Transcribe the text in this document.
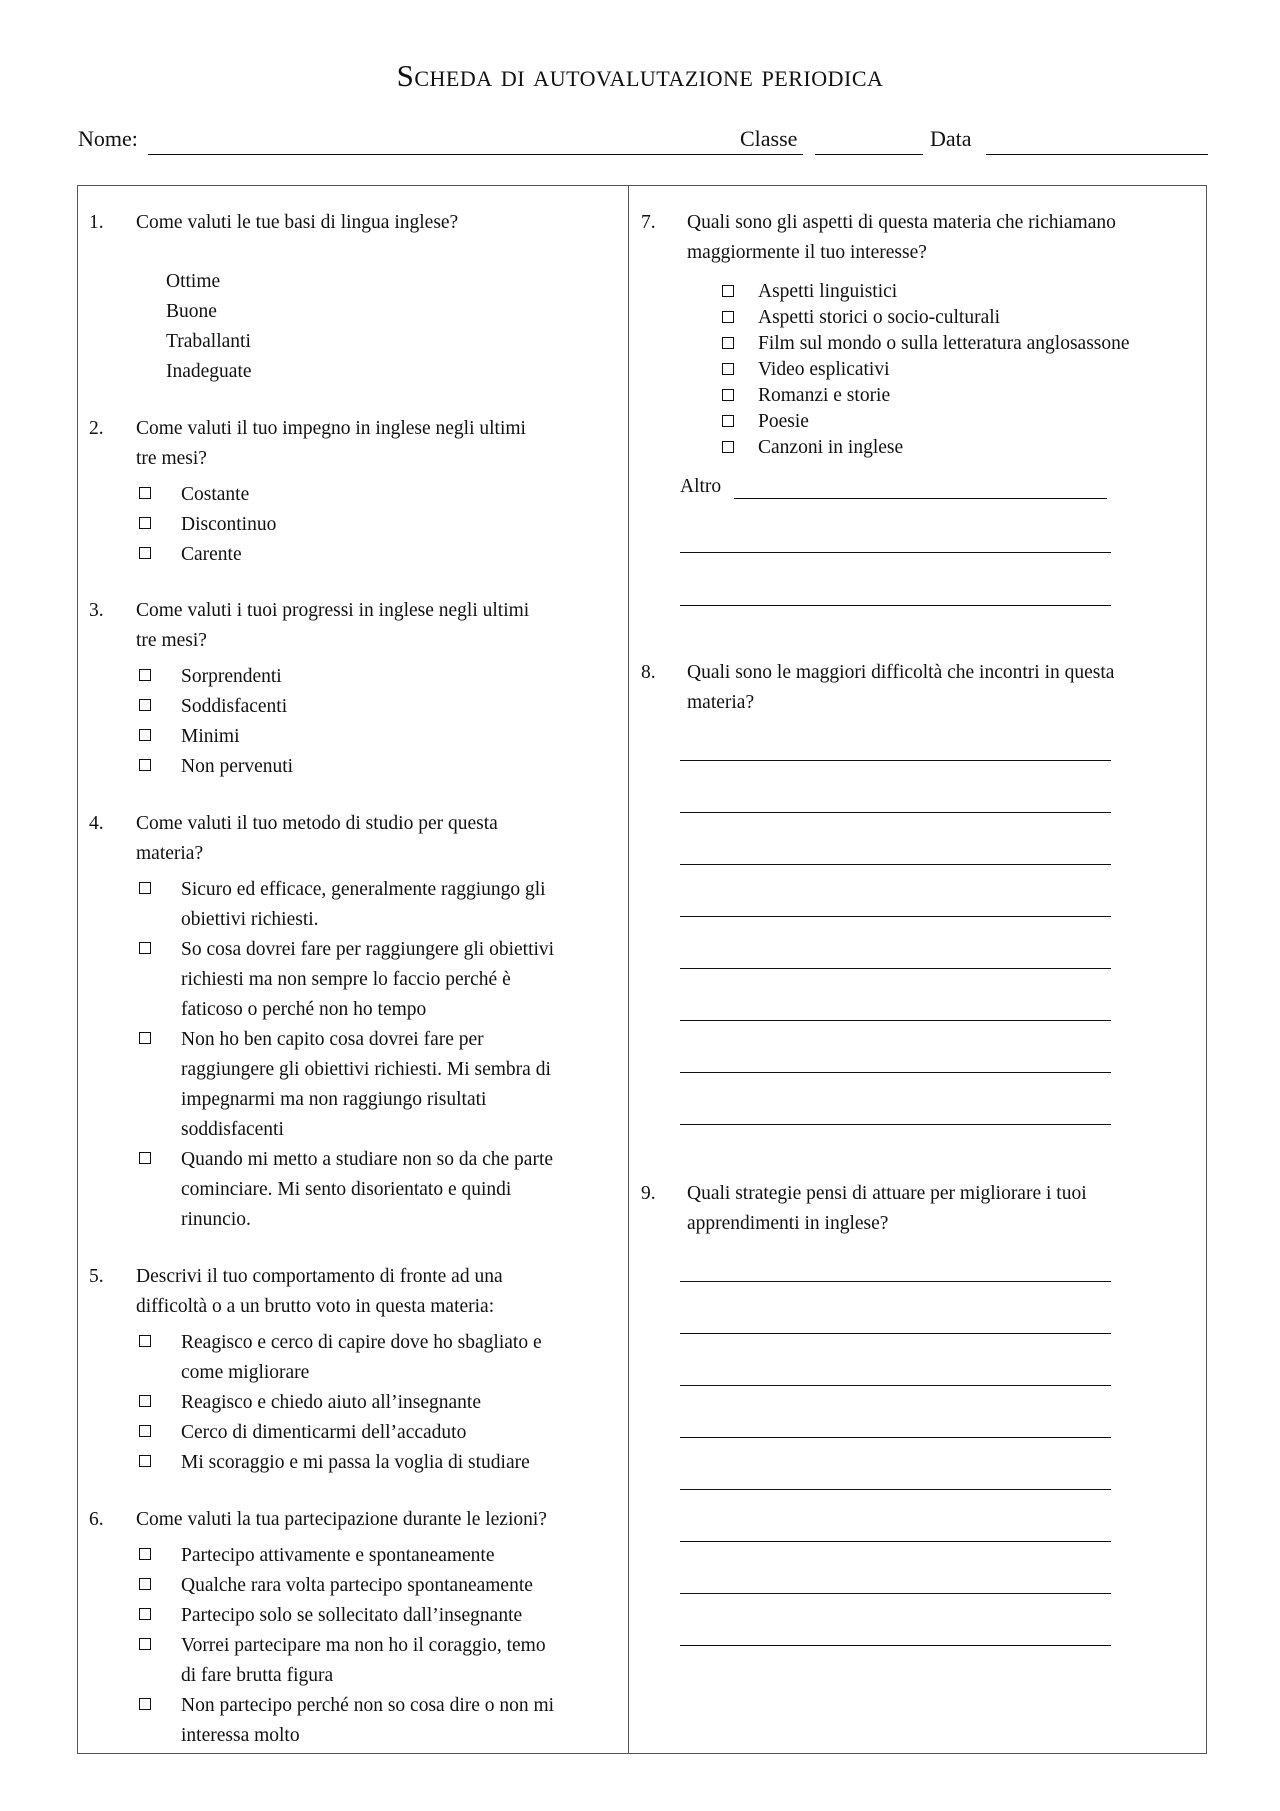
Scheda di autovalutazione periodica
Nome:	Classe	Data
1. Come valuti le tue basi di lingua inglese?
Ottime
Buone
Traballanti
Inadeguate
2. Come valuti il tuo impegno in inglese negli ultimi
tre mesi?
Costante
Discontinuo
Carente
3. Come valuti i tuoi progressi in inglese negli ultimi
tre mesi?
Sorprendenti
Soddisfacenti
Minimi
Non pervenuti
4. Come valuti il tuo metodo di studio per questa
materia?
Sicuro ed efficace, generalmente raggiungo gli
obiettivi richiesti.
So cosa dovrei fare per raggiungere gli obiettivi
richiesti ma non sempre lo faccio perché è
faticoso o perché non ho tempo
Non ho ben capito cosa dovrei fare per
raggiungere gli obiettivi richiesti. Mi sembra di
impegnarmi ma non raggiungo risultati
soddisfacenti
Quando mi metto a studiare non so da che parte
cominciare. Mi sento disorientato e quindi
rinuncio.
5. Descrivi il tuo comportamento di fronte ad una
difficoltà o a un brutto voto in questa materia:
Reagisco e cerco di capire dove ho sbagliato e
come migliorare
Reagisco e chiedo aiuto all’insegnante
Cerco di dimenticarmi dell’accaduto
Mi scoraggio e mi passa la voglia di studiare
6. Come valuti la tua partecipazione durante le lezioni?
Partecipo attivamente e spontaneamente
Qualche rara volta partecipo spontaneamente
Partecipo solo se sollecitato dall’insegnante
Vorrei partecipare ma non ho il coraggio, temo
di fare brutta figura
Non partecipo perché non so cosa dire o non mi
interessa molto
7. Quali sono gli aspetti di questa materia che richiamano
maggiormente il tuo interesse?
Aspetti linguistici
Aspetti storici o socio-culturali
Film sul mondo o sulla letteratura anglosassone
Video esplicativi
Romanzi e storie
Poesie
Canzoni in inglese
Altro
8. Quali sono le maggiori difficoltà che incontri in questa
materia?
9. Quali strategie pensi di attuare per migliorare i tuoi
apprendimenti in inglese?
